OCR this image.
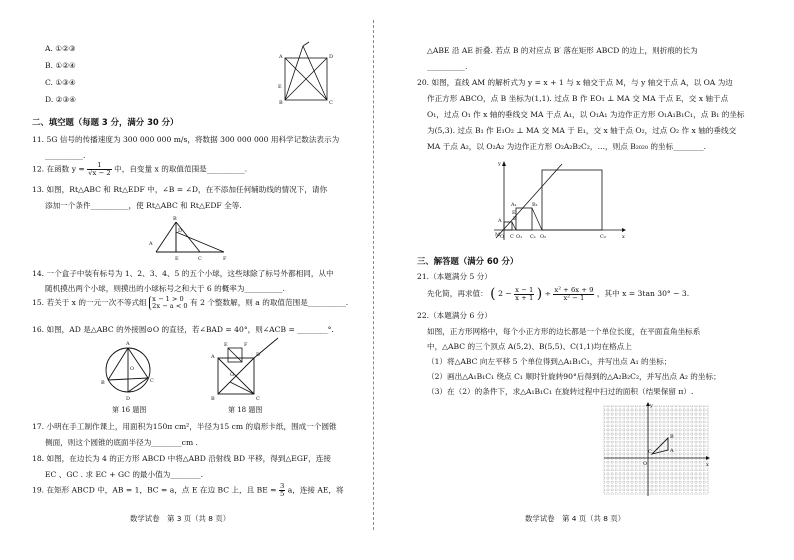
A. ①②③
B. ①②④
C. ①③④
D. ②③④
A	D
B	C
E
二、填空题（每题 3 分，满分 30 分）
11. 5G 信号的传播速度为 300 000 000 m/s，将数据 300 000 000 用科学记数法表示为
__________.
12. 在函数 $y = \frac{1}{√x - 2}$ 中，自变量 x 的取值范围是__________.
13. 如图，Rt△ABC 和 Rt△EDF 中，∠B = ∠D，在不添加任何辅助线的情况下，请你
添加一个条件__________，使 Rt△ABC 和 Rt△EDF 全等.
A
B
D
E	C	F
14. 一个盒子中装有标号为 1、2、3、4、5 的五个小球，这些球除了标号外都相同，从中
随机摸出两个小球，则摸出的小球标号之和大于 6 的概率为__________.
15. 若关于 x 的一元一次不等式组 x − 1 > 0
2x − a < 0 有 2 个整数解，则 a 的取值范围是__________.
16. 如图，AD 是△ABC 的外接圆⊙O 的直径，若∠BAD = 40°，则∠ACB = ________°.
A
B	C
D
O
第 16 题图
A	D
B	C
E	F
G
第 18 题图
17. 小明在手工制作课上，用面积为150π cm²，半径为15 cm 的扇形卡纸，围成一个圆锥
侧面，则这个圆锥的底面半径为________cm .
18. 如图，在边长为 4 的正方形 ABCD 中将△ABD 沿射线 BD 平移，得到△EGF，连接
EC 、GC . 求 EC + GC 的最小值为________.
19. 在矩形 ABCD 中，AB = 1，BC = a，点 E 在边 BC 上，且 BE = $\frac{3}{5}$ a，连接 AE，将
数学试卷　第 3 页（共 8 页）
△ABE 沿 AE 折叠. 若点 B 的对应点 B′ 落在矩形 ABCD 的边上，则折痕的长为
__________.
20. 如图，直线 AM 的解析式为 y = x + 1 与 x 轴交于点 M，与 y 轴交于点 A，以 OA 为边
作正方形 ABCO，点 B 坐标为(1,1). 过点 B 作 EO₁ ⊥ MA 交 MA 于点 E，交 x 轴于点
O₁，过点 O₁ 作 x 轴的垂线交 MA 于点 A₁，以 O₁A₁ 为边作正方形 O₁A₁B₁C₁，点 B₁ 的坐标
为(5,3). 过点 B₁ 作 E₁O₂ ⊥ MA 交 MA 于 E₁，交 x 轴于点 O₂，过点 O₂ 作 x 轴的垂线交
MA 于点 A₂，以 O₂A₂ 为边作正方形 O₂A₂B₂C₂，…，则点 B₂₀₂₀ 的坐标________.
y
x
M O C O₁ C₁ O₂	C₂
A B
E
A₁	B₁
三、解答题（满分 60 分）
21.（本题满分 5 分）
先化简，再求值： ( $2 - \frac{x - 1}{x + 1}$ ) ÷ $\frac{\text{x² + 6x + 9}}{\text{x² − 1}}$ ，其中 x = 3tan 30° − 3.
22.（本题满分 6 分）
如图，正方形网格中，每个小正方形的边长都是一个单位长度，在平面直角坐标系
中，△ABC 的三个顶点 A(5,2)、B(5,5)、C(1,1)均在格点上
（1）将△ABC 向左平移 5 个单位得到△A₁B₁C₁，并写出点 A₁ 的坐标；
（2）画出△A₁B₁C₁ 绕点 C₁ 顺时针旋转90°后得到的△A₂B₂C₂，并写出点 A₂ 的坐标；
（3）在（2）的条件下，求△A₁B₁C₁ 在旋转过程中扫过的面积（结果保留 π）.
x
y
O
A
B
C
数学试卷　第 4 页（共 8 页）
